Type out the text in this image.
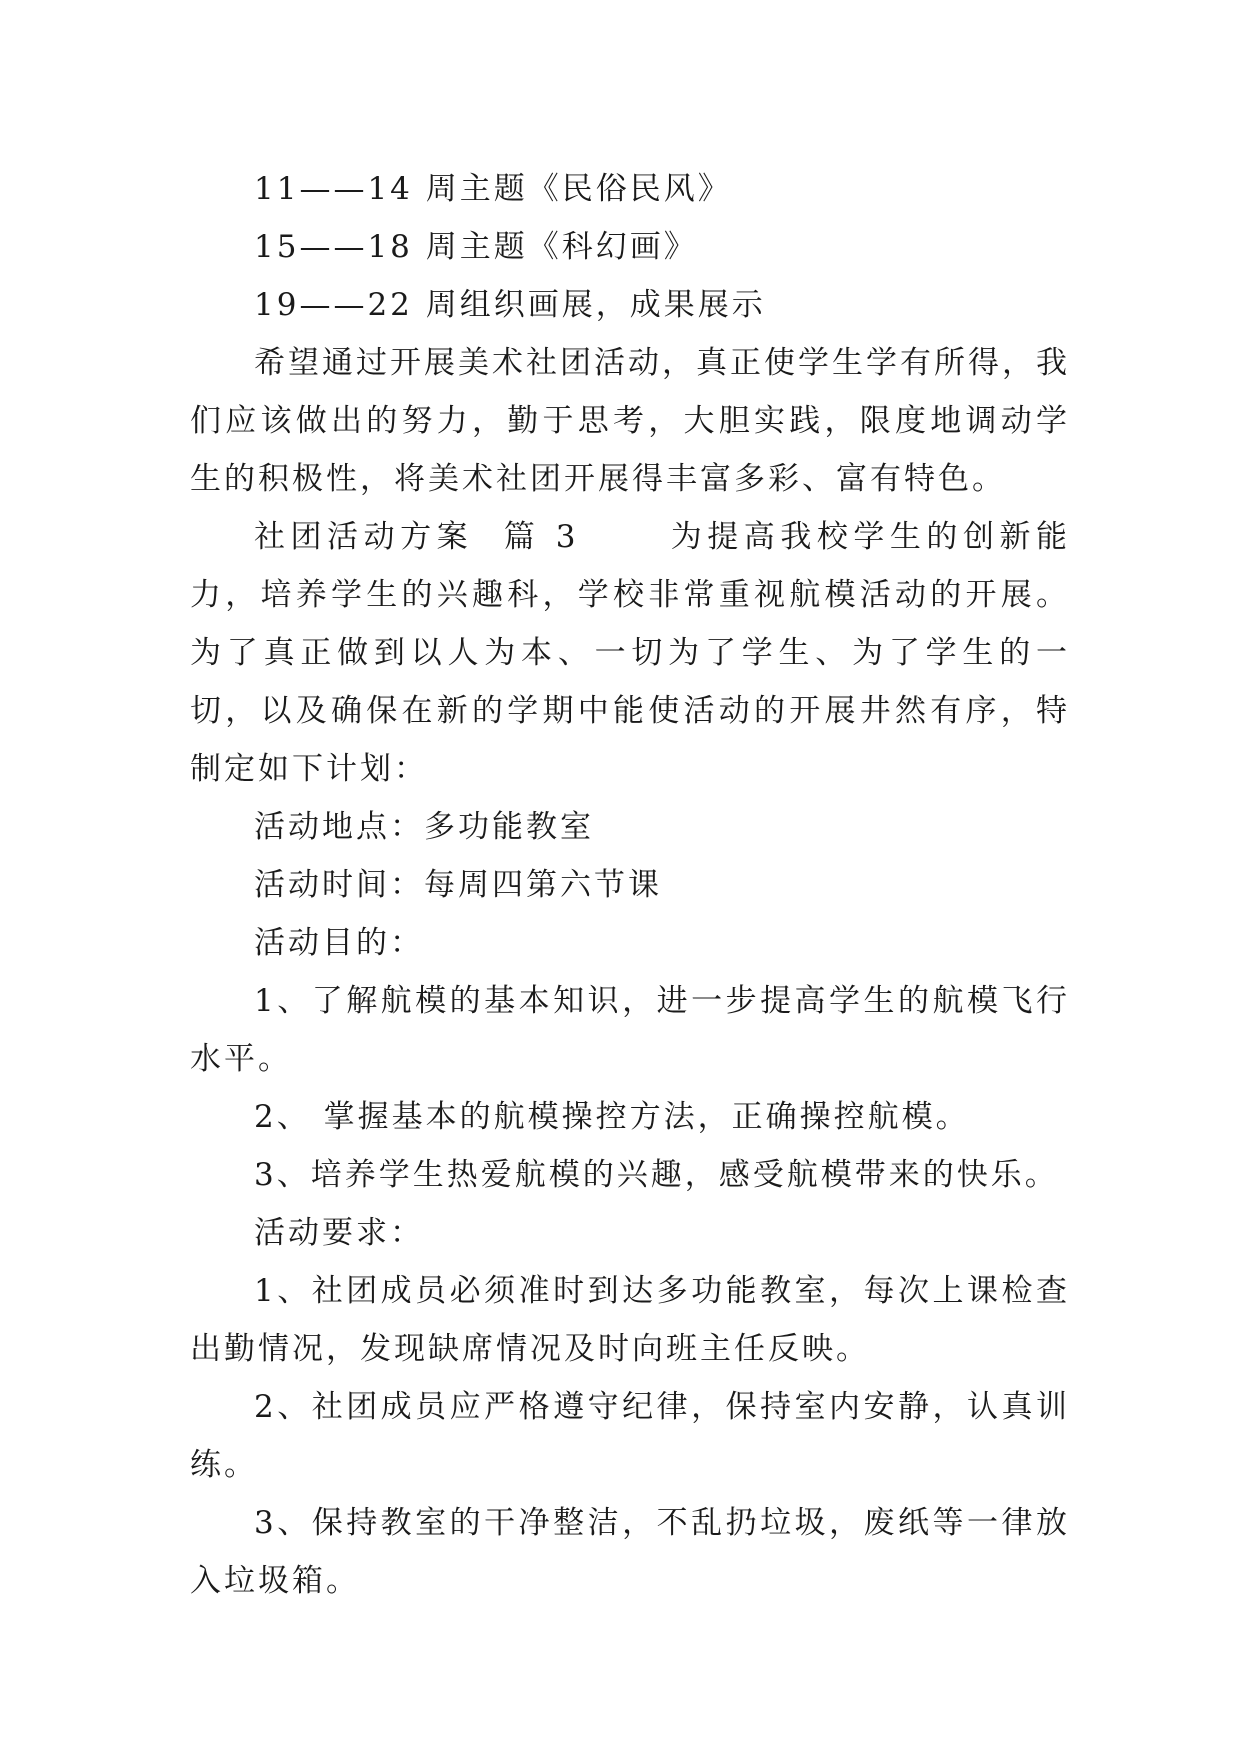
11——14 周主题《民俗民风》

15——18 周主题《科幻画》

19——22 周组织画展，成果展示

希望通过开展美术社团活动，真正使学生学有所得，我们应该做出的努力，勤于思考，大胆实践，限度地调动学生的积极性，将美术社团开展得丰富多彩、富有特色。

社团活动方案  篇 3      为提高我校学生的创新能力，培养学生的兴趣科，学校非常重视航模活动的开展。为了真正做到以人为本、一切为了学生、为了学生的一切，以及确保在新的学期中能使活动的开展井然有序，特制定如下计划：

活动地点：多功能教室

活动时间：每周四第六节课

活动目的：

1、了解航模的基本知识，进一步提高学生的航模飞行水平。

2、 掌握基本的航模操控方法，正确操控航模。

3、培养学生热爱航模的兴趣，感受航模带来的快乐。

活动要求：

1、社团成员必须准时到达多功能教室，每次上课检查出勤情况，发现缺席情况及时向班主任反映。

2、社团成员应严格遵守纪律，保持室内安静，认真训练。

3、保持教室的干净整洁，不乱扔垃圾，废纸等一律放入垃圾箱。
